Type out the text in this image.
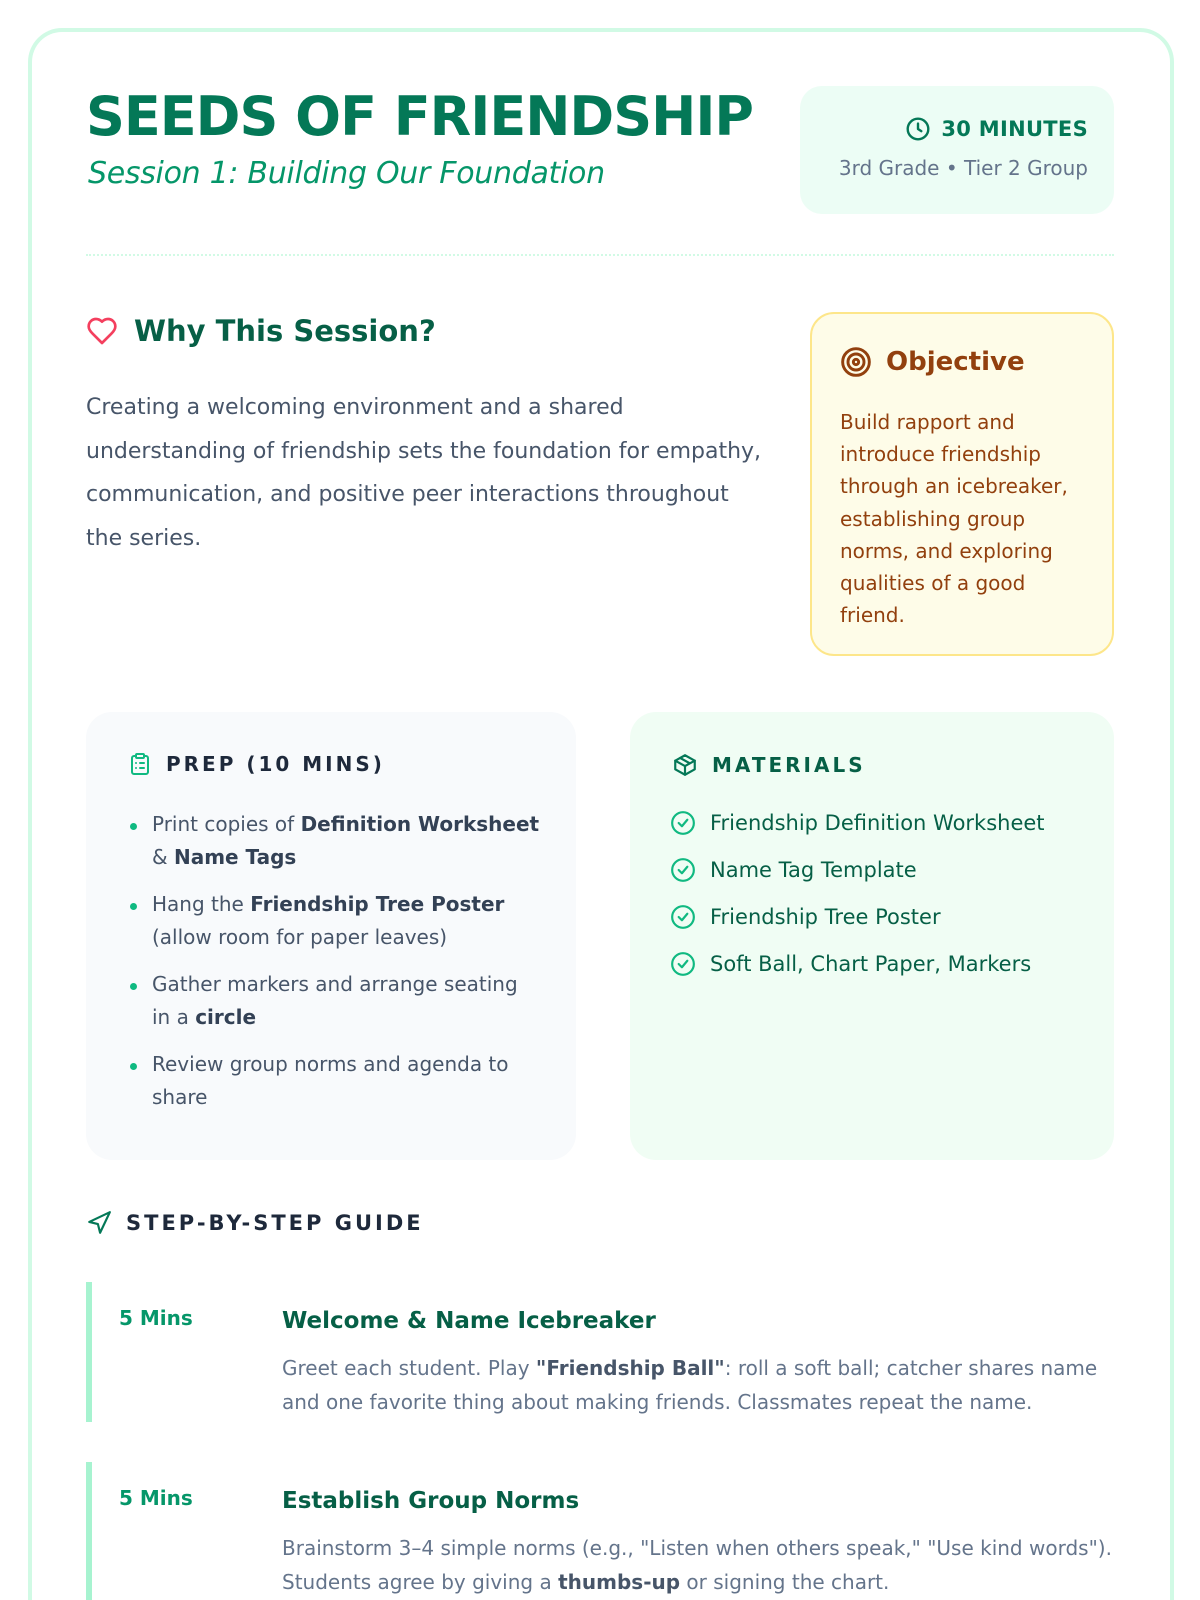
SEEDS OF FRIENDSHIP
Session 1: Building Our Foundation
30 MINUTES
3rd Grade • Tier 2 Group
Why This Session?

Creating a welcoming environment and a shared understanding of friendship sets the foundation for empathy, communication, and positive peer interactions throughout the series.

Objective

Build rapport and introduce friendship through an icebreaker, establishing group norms, and exploring qualities of a good friend.

PREP (10 MINS)
Print copies of Definition Worksheet & Name Tags
Hang the Friendship Tree Poster (allow room for paper leaves)
Gather markers and arrange seating in a circle
Review group norms and agenda to share
MATERIALS
Friendship Definition Worksheet
Name Tag Template
Friendship Tree Poster
Soft Ball, Chart Paper, Markers
STEP-BY-STEP GUIDE
5 Mins	Welcome & Name Icebreaker

Greet each student. Play "Friendship Ball": roll a soft ball; catcher shares name and one favorite thing about making friends. Classmates repeat the name.

5 Mins	Establish Group Norms

Brainstorm 3–4 simple norms (e.g., "Listen when others speak," "Use kind words"). Students agree by giving a thumbs-up or signing the chart.
